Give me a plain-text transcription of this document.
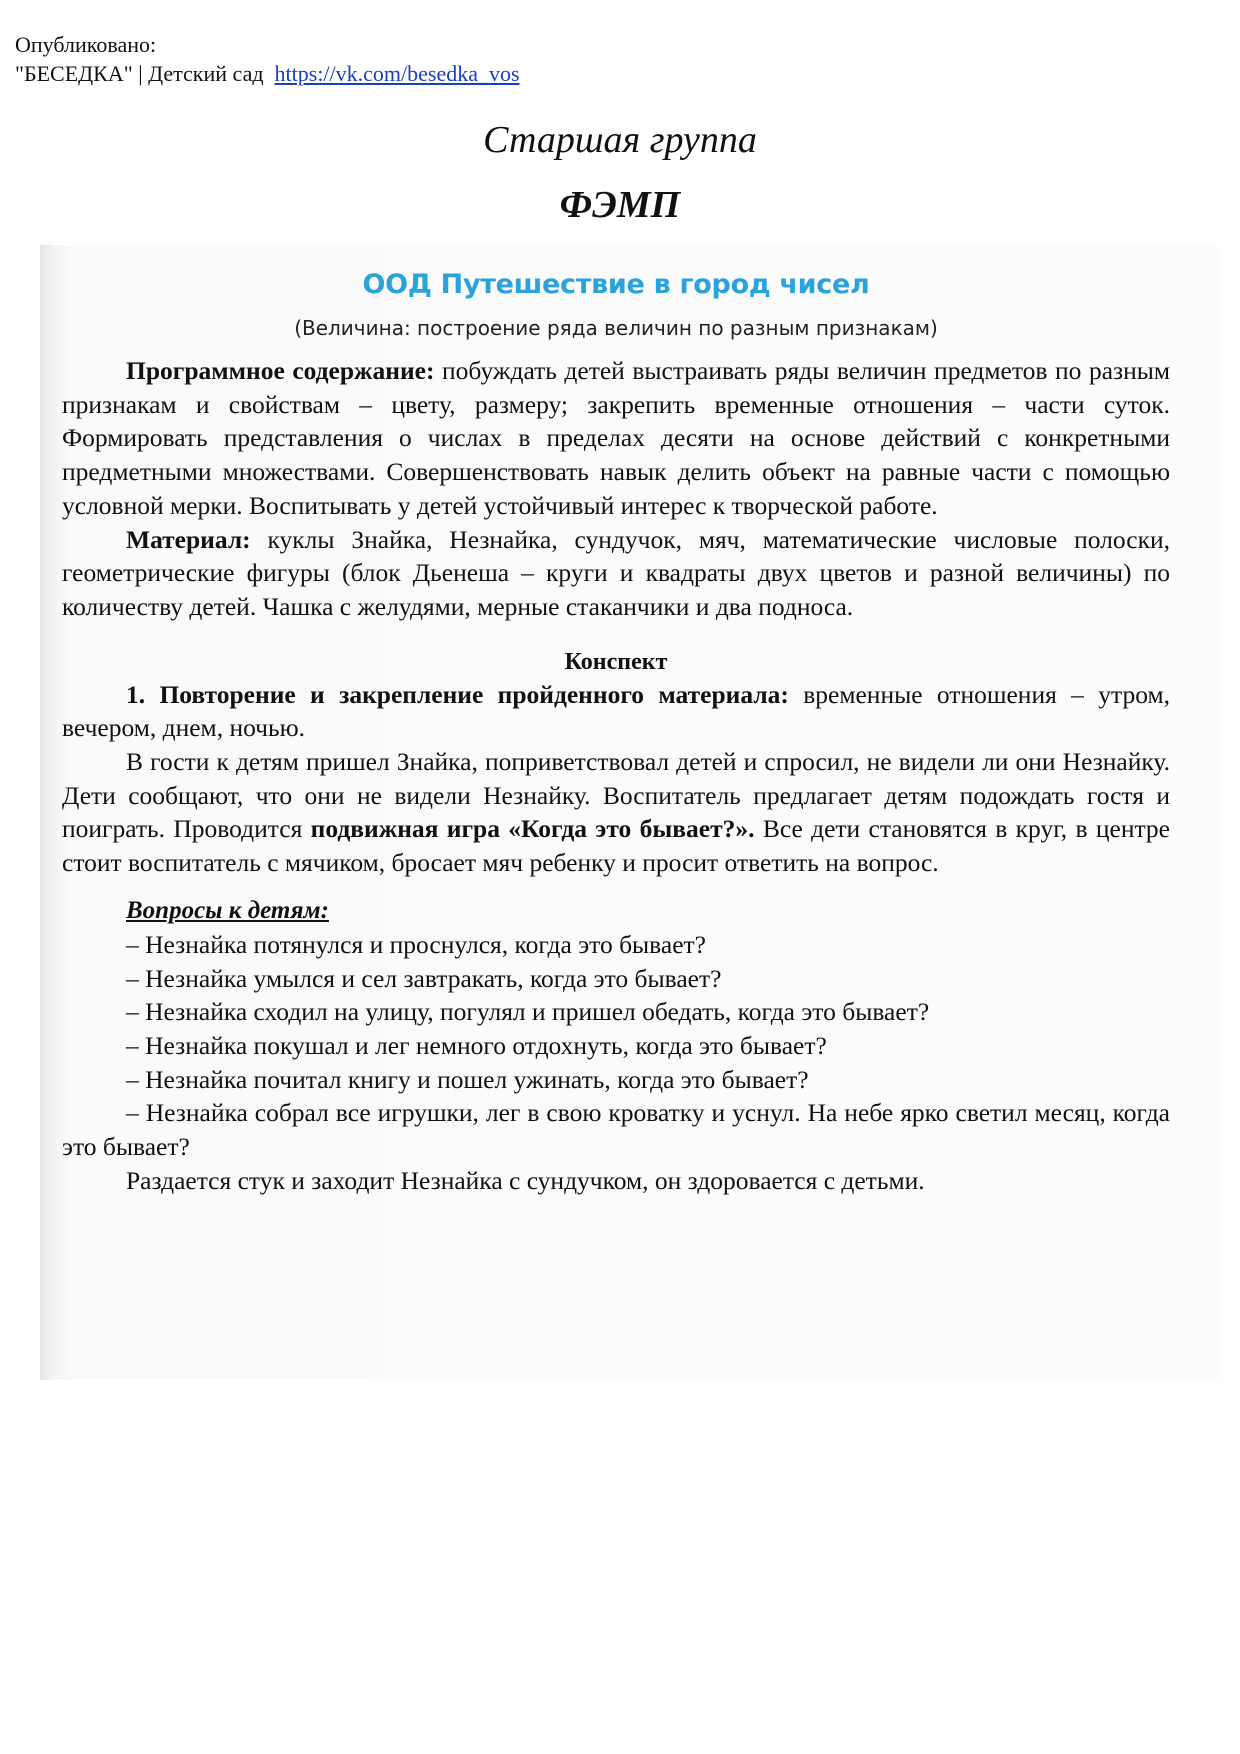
Опубликовано:
"БЕСЕДКА" | Детский сад https://vk.com/besedka_vos
Старшая группа
ФЭМП
ООД Путешествие в город чисел
(Величина: построение ряда величин по разным признакам)

Программное содержание: побуждать детей выстраивать ряды величин предметов по разным признакам и свойствам – цвету, размеру; закрепить временные отношения – части суток. Формировать представления о числах в пределах десяти на основе действий с конкретными предметными множествами. Совершенствовать навык делить объект на равные части с помощью условной мерки. Воспитывать у детей устойчивый интерес к творческой работе.

Материал: куклы Знайка, Незнайка, сундучок, мяч, математические числовые полоски, геометрические фигуры (блок Дьенеша – круги и квадраты двух цветов и разной величины) по количеству детей. Чашка с желудями, мерные стаканчики и два подноса.

Конспект

1. Повторение и закрепление пройденного материала: временные отношения – утром, вечером, днем, ночью.

В гости к детям пришел Знайка, поприветствовал детей и спросил, не видели ли они Незнайку. Дети сообщают, что они не видели Незнайку. Воспитатель предлагает детям подождать гостя и поиграть. Проводится подвижная игра «Когда это бывает?». Все дети становятся в круг, в центре стоит воспитатель с мячиком, бросает мяч ребенку и просит ответить на вопрос.

Вопросы к детям:

– Незнайка потянулся и проснулся, когда это бывает?

– Незнайка умылся и сел завтракать, когда это бывает?

– Незнайка сходил на улицу, погулял и пришел обедать, когда это бывает?

– Незнайка покушал и лег немного отдохнуть, когда это бывает?

– Незнайка почитал книгу и пошел ужинать, когда это бывает?

– Незнайка собрал все игрушки, лег в свою кроватку и уснул. На небе ярко светил месяц, когда это бывает?

Раздается стук и заходит Незнайка с сундучком, он здоровается с детьми.
